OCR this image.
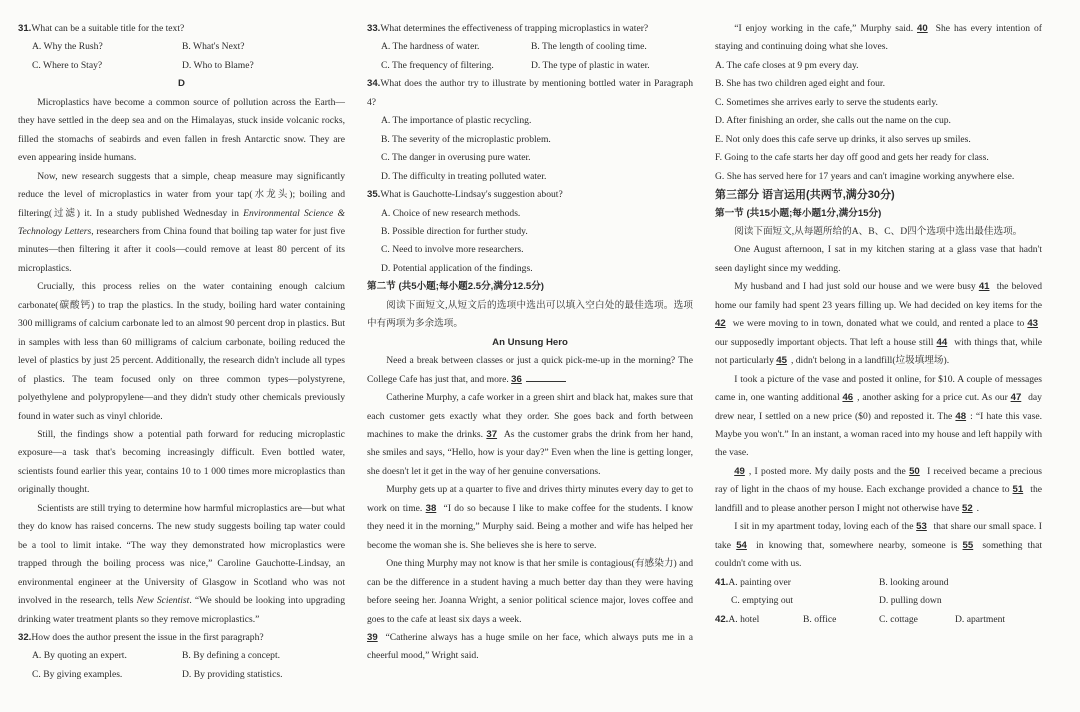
31.What can be a suitable title for the text?

A. Why the Rush?	B. What's Next?
C. Where to Stay?	D. Who to Blame?
D

Microplastics have become a common source of pollution across the Earth—they have settled in the deep sea and on the Himalayas, stuck inside volcanic rocks, filled the stomachs of seabirds and even fallen in fresh Antarctic snow. They are even appearing inside humans.

Now, new research suggests that a simple, cheap measure may significantly reduce the level of microplastics in water from your tap(水龙头); boiling and filtering(过滤) it. In a study published Wednesday in Environmental Science & Technology Letters, researchers from China found that boiling tap water for just five minutes—then filtering it after it cools—could remove at least 80 percent of its microplastics.

Crucially, this process relies on the water containing enough calcium carbonate(碳酸钙) to trap the plastics. In the study, boiling hard water containing 300 milligrams of calcium carbonate led to an almost 90 percent drop in plastics. But in samples with less than 60 milligrams of calcium carbonate, boiling reduced the level of plastics by just 25 percent. Additionally, the research didn't include all types of plastics. The team focused only on three common types—polystyrene, polyethylene and polypropylene—and they didn't study other chemicals previously found in water such as vinyl chloride.

Still, the findings show a potential path forward for reducing microplastic exposure—a task that's becoming increasingly difficult. Even bottled water, scientists found earlier this year, contains 10 to 1 000 times more microplastics than originally thought.

Scientists are still trying to determine how harmful microplastics are—but what they do know has raised concerns. The new study suggests boiling tap water could be a tool to limit intake. “The way they demonstrated how microplastics were trapped through the boiling process was nice,” Caroline Gauchotte-Lindsay, an environmental engineer at the University of Glasgow in Scotland who was not involved in the research, tells New Scientist. “We should be looking into upgrading drinking water treatment plants so they remove microplastics.”

32.How does the author present the issue in the first paragraph?

A. By quoting an expert.	B. By defining a concept.
C. By giving examples.	D. By providing statistics.

33.What determines the effectiveness of trapping microplastics in water?

A. The hardness of water.	B. The length of cooling time.
C. The frequency of filtering.	D. The type of plastic in water.

34.What does the author try to illustrate by mentioning bottled water in Paragraph 4?

A. The importance of plastic recycling.
B. The severity of the microplastic problem.
C. The danger in overusing pure water.
D. The difficulty in treating polluted water.

35.What is Gauchotte-Lindsay's suggestion about?

A. Choice of new research methods.
B. Possible direction for further study.
C. Need to involve more researchers.
D. Potential application of the findings.
第二节 (共5小题;每小题2.5分,满分12.5分)

阅读下面短文,从短文后的选项中选出可以填入空白处的最佳选项。选项中有两项为多余选项。

An Unsung Hero

Need a break between classes or just a quick pick-me-up in the morning? The College Cafe has just that, and more. 36

Catherine Murphy, a cafe worker in a green shirt and black hat, makes sure that each customer gets exactly what they order. She goes back and forth between machines to make the drinks. 37 As the customer grabs the drink from her hand, she smiles and says, “Hello, how is your day?” Even when the line is getting longer, she doesn't let it get in the way of her genuine conversations.

Murphy gets up at a quarter to five and drives thirty minutes every day to get to work on time. 38 “I do so because I like to make coffee for the students. I know they need it in the morning,” Murphy said. Being a mother and wife has helped her become the woman she is. She believes she is here to serve.

One thing Murphy may not know is that her smile is contagious(有感染力) and can be the difference in a student having a much better day than they were having before seeing her. Joanna Wright, a senior political science major, loves coffee and goes to the cafe at least six days a week.

39 “Catherine always has a huge smile on her face, which always puts me in a cheerful mood,” Wright said.

“I enjoy working in the cafe,” Murphy said. 40 She has every intention of staying and continuing doing what she loves.

A. The cafe closes at 9 pm every day.
B. She has two children aged eight and four.
C. Sometimes she arrives early to serve the students early.
D. After finishing an order, she calls out the name on the cup.
E. Not only does this cafe serve up drinks, it also serves up smiles.
F. Going to the cafe starts her day off good and gets her ready for class.
G. She has served here for 17 years and can't imagine working anywhere else.
第三部分 语言运用(共两节,满分30分)
第一节 (共15小题;每小题1分,满分15分)

阅读下面短文,从每题所给的A、B、C、D四个选项中选出最佳选项。

One August afternoon, I sat in my kitchen staring at a glass vase that hadn't seen daylight since my wedding.

My husband and I had just sold our house and we were busy 41 the beloved home our family had spent 23 years filling up. We had decided on key items for the 42 we were moving to in town, donated what we could, and rented a place to 43 our supposedly important objects. That left a house still 44 with things that, while not particularly 45 , didn't belong in a landfill(垃圾填埋场).

I took a picture of the vase and posted it online, for $10. A couple of messages came in, one wanting additional 46 , another asking for a price cut. As our 47 day drew near, I settled on a new price ($0) and reposted it. The 48 : “I hate this vase. Maybe you won't.” In an instant, a woman raced into my house and left happily with the vase.

49 , I posted more. My daily posts and the 50 I received became a precious ray of light in the chaos of my house. Each exchange provided a chance to 51 the landfill and to please another person I might not otherwise have 52 .

I sit in my apartment today, loving each of the 53 that share our small space. I take 54 in knowing that, somewhere nearby, someone is 55 something that couldn't come with us.

41.A. painting over	B. looking around
C. emptying out	D. pulling down
42.A. hotel	B. office	C. cottage	D. apartment
